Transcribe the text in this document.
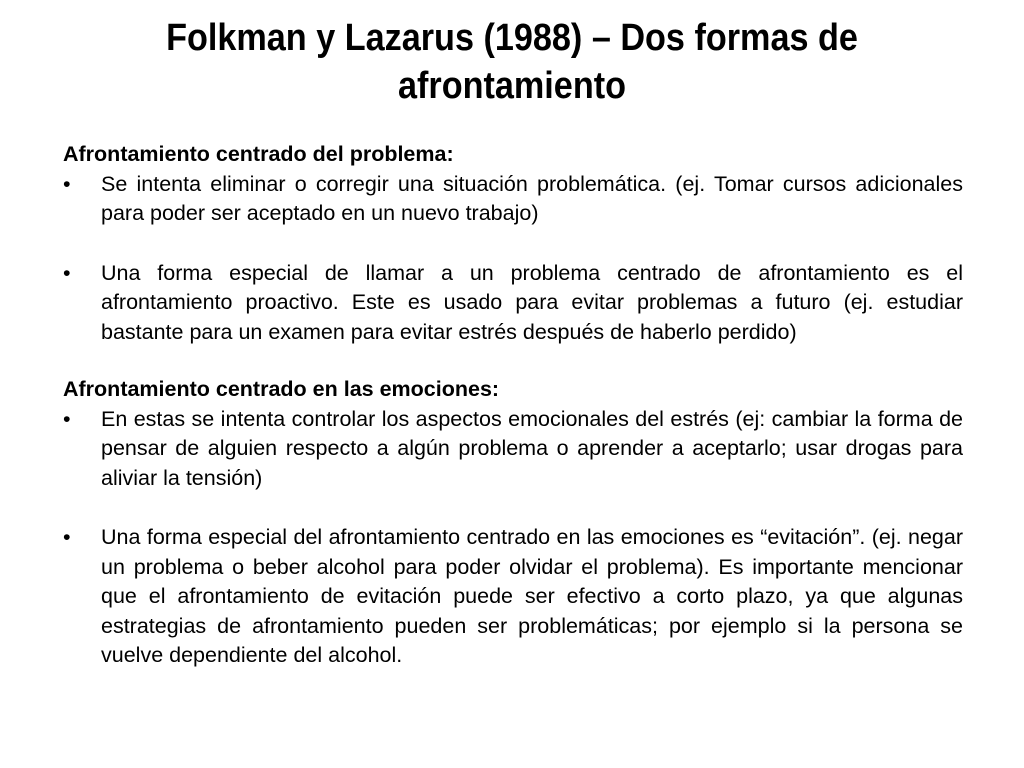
Folkman y Lazarus (1988) – Dos formas de afrontamiento

Afrontamiento centrado del problema:

•	Se intenta eliminar o corregir una situación problemática. (ej. Tomar cursos adicionales para poder ser aceptado en un nuevo trabajo)

•	Una forma especial de llamar a un problema centrado de afrontamiento es el afrontamiento proactivo. Este es usado para evitar problemas a futuro (ej. estudiar bastante para un examen para evitar estrés después de haberlo perdido)

Afrontamiento centrado en las emociones:

•	En estas se intenta controlar los aspectos emocionales del estrés (ej: cambiar la forma de pensar de alguien respecto a algún problema o aprender a aceptarlo; usar drogas para aliviar la tensión)

•	Una forma especial del afrontamiento centrado en las emociones es “evitación”. (ej. negar un problema o beber alcohol para poder olvidar el problema). Es importante mencionar que el afrontamiento de evitación puede ser efectivo a corto plazo, ya que algunas estrategias de afrontamiento pueden ser problemáticas; por ejemplo si la persona se vuelve dependiente del alcohol.
